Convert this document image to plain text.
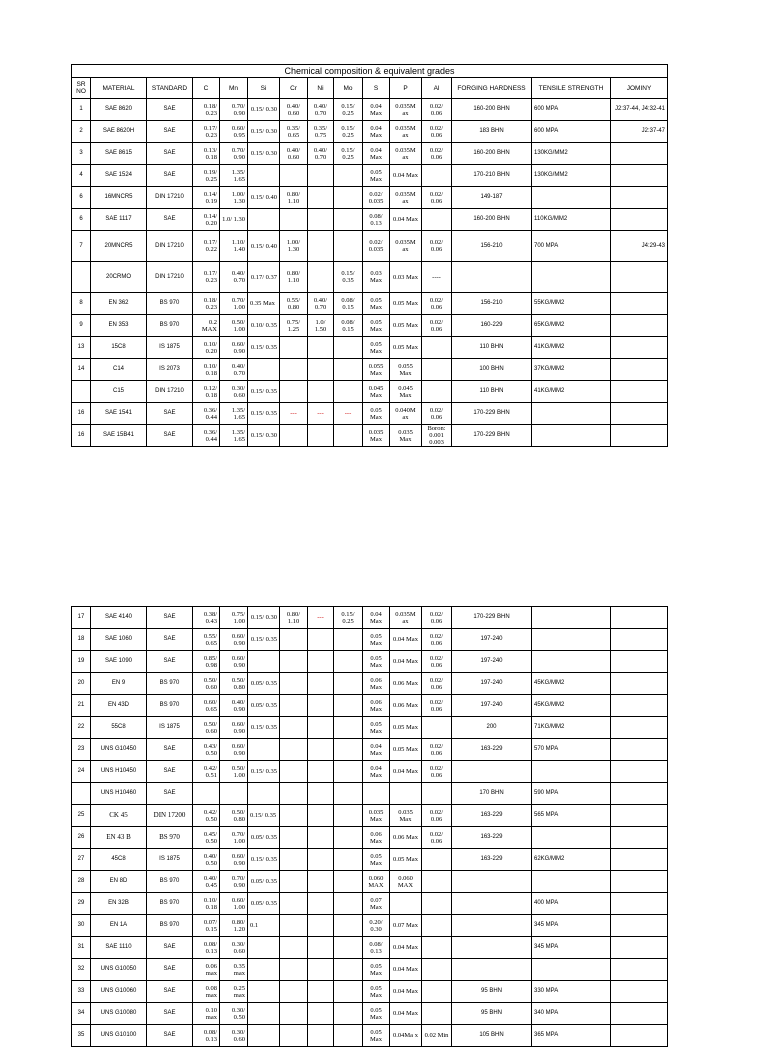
Chemical composition & equivalent grades														
SR NO	MATERIAL	STANDARD	C	Mn	Si	Cr	Ni	Mo	S	P	Al	FORGING HARDNESS	TENSILE STRENGTH	JOMINY
1	SAE 8620	SAE	0.18/ 0.23	0.70/ 0.90	0.15/ 0.30	0.40/ 0.60	0.40/ 0.70	0.15/ 0.25	0.04 Max	0.035M ax	0.02/ 0.06	160-200 BHN	600 MPA	J2:37-44, J4:32-41
2	SAE 8620H	SAE	0.17/ 0.23	0.60/ 0.95	0.15/ 0.30	0.35/ 0.65	0.35/ 0.75	0.15/ 0.25	0.04 Max	0.035M ax	0.02/ 0.06	183 BHN	600 MPA	J2:37-47
3	SAE 8615	SAE	0.13/ 0.18	0.70/ 0.90	0.15/ 0.30	0.40/ 0.60	0.40/ 0.70	0.15/ 0.25	0.04 Max	0.035M ax	0.02/ 0.06	160-200 BHN	130KG/MM2	
4	SAE 1524	SAE	0.19/ 0.25	1.35/ 1.65					0.05 Max	0.04 Max		170-210 BHN	130KG/MM2	
6	16MNCR5	DIN 17210	0.14/ 0.19	1.00/ 1.30	0.15/ 0.40	0.80/ 1.10			0.02/ 0.035	0.035M ax	0.02/ 0.06	149-187		
6	SAE 1117	SAE	0.14/ 0.20	1.0/ 1.30					0.08/ 0.13	0.04 Max		160-200 BHN	110KG/MM2	
7	20MNCR5	DIN 17210	0.17/ 0.22	1.10/ 1.40	0.15/ 0.40	1.00/ 1.30			0.02/ 0.035	0.035M ax	0.02/ 0.06	156-210	700 MPA	J4:29-43
	20CRMO	DIN 17210	0.17/ 0.23	0.40/ 0.70	0.17/ 0.37	0.80/ 1.10		0.15/ 0.35	0.03 Max	0.03 Max	----			
8	EN 362	BS 970	0.18/ 0.23	0.70/ 1.00	0.35 Max	0.55/ 0.80	0.40/ 0.70	0.08/ 0.15	0.05 Max	0.05 Max	0.02/ 0.06	156-210	55KG/MM2	
9	EN 353	BS 970	0.2 MAX	0.50/ 1.00	0.10/ 0.35	0.75/ 1.25	1.0/ 1.50	0.08/ 0.15	0.05 Max	0.05 Max	0.02/ 0.06	160-229	65KG/MM2	
13	15C8	IS 1875	0.10/ 0.20	0.60/ 0.90	0.15/ 0.35				0.05 Max	0.05 Max		110 BHN	41KG/MM2	
14	C14	IS 2073	0.10/ 0.18	0.40/ 0.70					0.055 Max	0.055 Max		100 BHN	37KG/MM2	
	C15	DIN 17210	0.12/ 0.18	0.30/ 0.60	0.15/ 0.35				0.045 Max	0.045 Max		110 BHN	41KG/MM2	
16	SAE 1541	SAE	0.36/ 0.44	1.35/ 1.65	0.15/ 0.35	---	---	---	0.05 Max	0.040M ax	0.02/ 0.06	170-229 BHN		
16	SAE 15B41	SAE	0.36/ 0.44	1.35/ 1.65	0.15/ 0.30				0.035 Max	0.035 Max	Boron: 0.001 0.003	170-229 BHN		
17	SAE 4140	SAE	0.38/ 0.43	0.75/ 1.00	0.15/ 0.30	0.80/ 1.10	---	0.15/ 0.25	0.04 Max	0.035M ax	0.02/ 0.06	170-229 BHN		
18	SAE 1060	SAE	0.55/ 0.65	0.60/ 0.90	0.15/ 0.35				0.05 Max	0.04 Max	0.02/ 0.06	197-240		
19	SAE 1090	SAE	0.85/ 0.98	0.60/ 0.90					0.05 Max	0.04 Max	0.02/ 0.06	197-240		
20	EN 9	BS 970	0.50/ 0.60	0.50/ 0.80	0.05/ 0.35				0.06 Max	0.06 Max	0.02/ 0.06	197-240	45KG/MM2	
21	EN 43D	BS 970	0.60/ 0.65	0.40/ 0.90	0.05/ 0.35				0.06 Max	0.06 Max	0.02/ 0.06	197-240	45KG/MM2	
22	55C8	IS 1875	0.50/ 0.60	0.60/ 0.90	0.15/ 0.35				0.05 Max	0.05 Max		200	71KG/MM2	
23	UNS G10450	SAE	0.43/ 0.50	0.60/ 0.90					0.04 Max	0.05 Max	0.02/ 0.06	163-229	570 MPA	
24	UNS H10450	SAE	0.42/ 0.51	0.50/ 1.00	0.15/ 0.35				0.04 Max	0.04 Max	0.02/ 0.06			
	UNS H10460	SAE										170 BHN	590 MPA	
25	CK 45	DIN 17200	0.42/ 0.50	0.50/ 0.80	0.15/ 0.35				0.035 Max	0.035 Max	0.02/ 0.06	163-229	565 MPA	
26	EN 43 B	BS 970	0.45/ 0.50	0.70/ 1.00	0.05/ 0.35				0.06 Max	0.06 Max	0.02/ 0.06	163-229		
27	45C8	IS 1875	0.40/ 0.50	0.60/ 0.90	0.15/ 0.35				0.05 Max	0.05 Max		163-229	62KG/MM2	
28	EN 8D	BS 970	0.40/ 0.45	0.70/ 0.90	0.05/ 0.35				0.060 MAX	0.060 MAX				
29	EN 32B	BS 970	0.10/ 0.18	0.60/ 1.00	0.05/ 0.35				0.07 Max				400 MPA	
30	EN 1A	BS 970	0.07/ 0.15	0.80/ 1.20	0.1				0.20/ 0.30	0.07 Max			345 MPA	
31	SAE 1110	SAE	0.08/ 0.13	0.30/ 0.60					0.08/ 0.13	0.04 Max			345 MPA	
32	UNS G10050	SAE	0.06 max	0.35 max					0.05 Max	0.04 Max				
33	UNS G10060	SAE	0.08 max	0.25 max					0.05 Max	0.04 Max		95 BHN	330 MPA	
34	UNS G10080	SAE	0.10 max	0.30/ 0.50					0.05 Max	0.04 Max		95 BHN	340 MPA	
35	UNS G10100	SAE	0.08/ 0.13	0.30/ 0.60					0.05 Max	0.04Ma x	0.02 Min	105 BHN	365 MPA	
